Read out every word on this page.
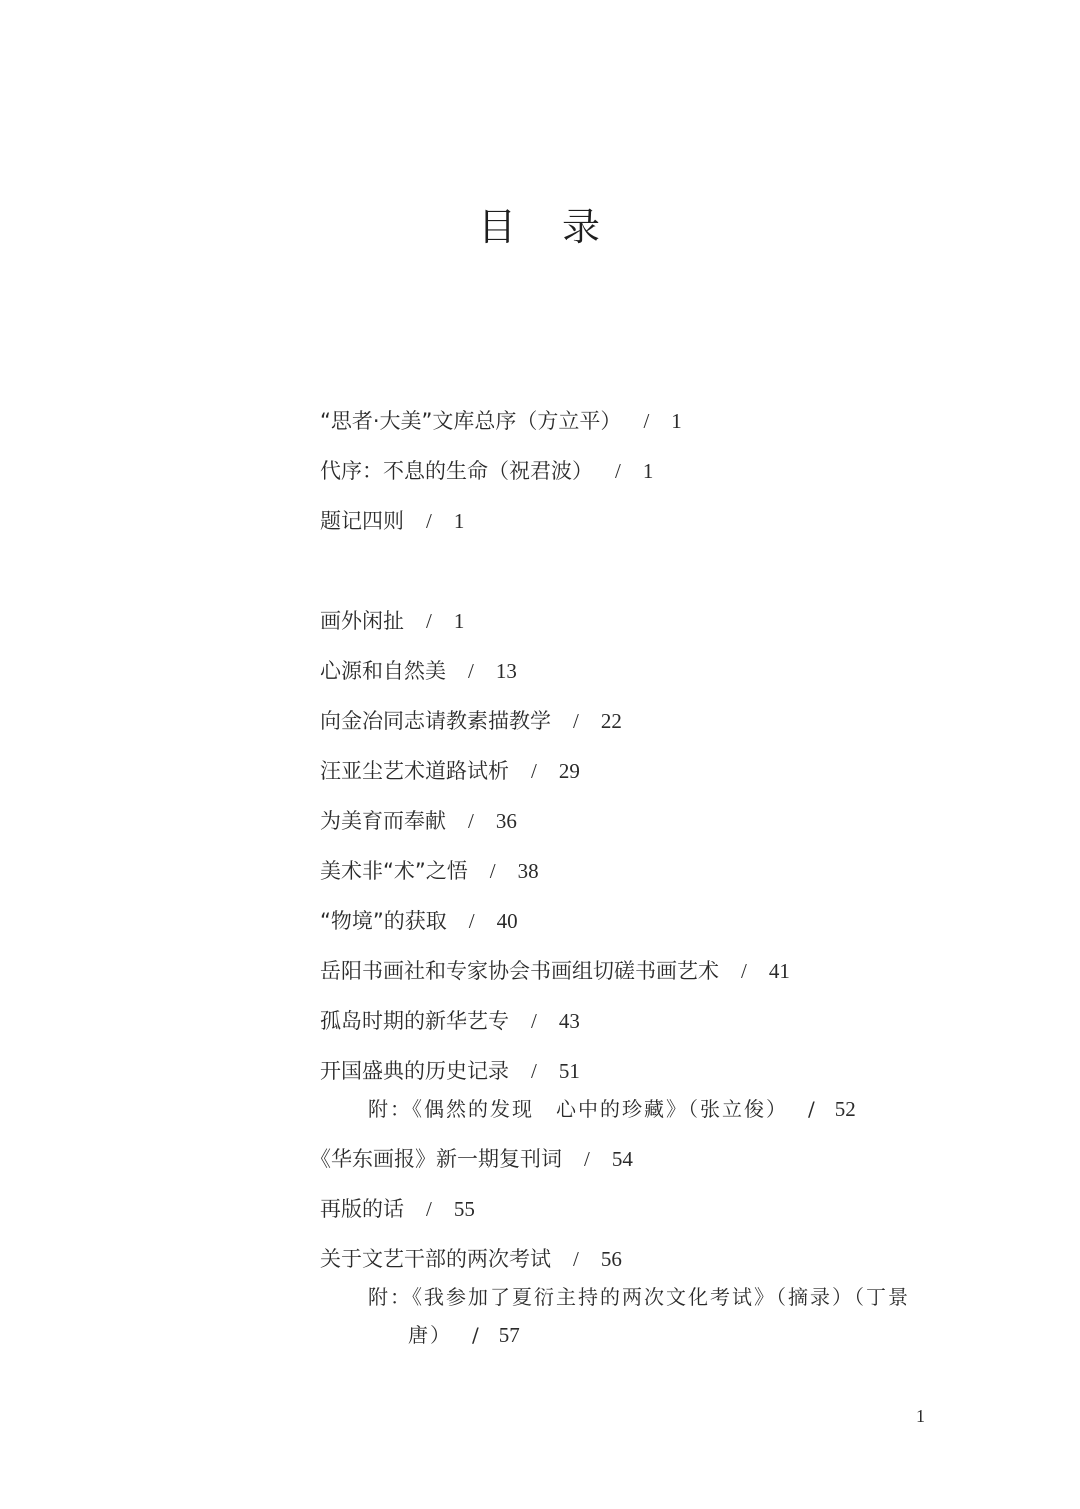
目 录
“思者·大美”文库总序（方立平） / 1
代序：不息的生命（祝君波） / 1
题记四则 / 1
画外闲扯 / 1
心源和自然美 / 13
向金冶同志请教素描教学 / 22
汪亚尘艺术道路试析 / 29
为美育而奉献 / 36
美术非“术”之悟 / 38
“物境”的获取 / 40
岳阳书画社和专家协会书画组切磋书画艺术 / 41
孤岛时期的新华艺专 / 43
开国盛典的历史记录 / 51
附：《偶然的发现　心中的珍藏》（张立俊） / 52
《华东画报》新一期复刊词 / 54
再版的话 / 55
关于文艺干部的两次考试 / 56
附：《我参加了夏衍主持的两次文化考试》（摘录）（丁景
唐） / 57
1
